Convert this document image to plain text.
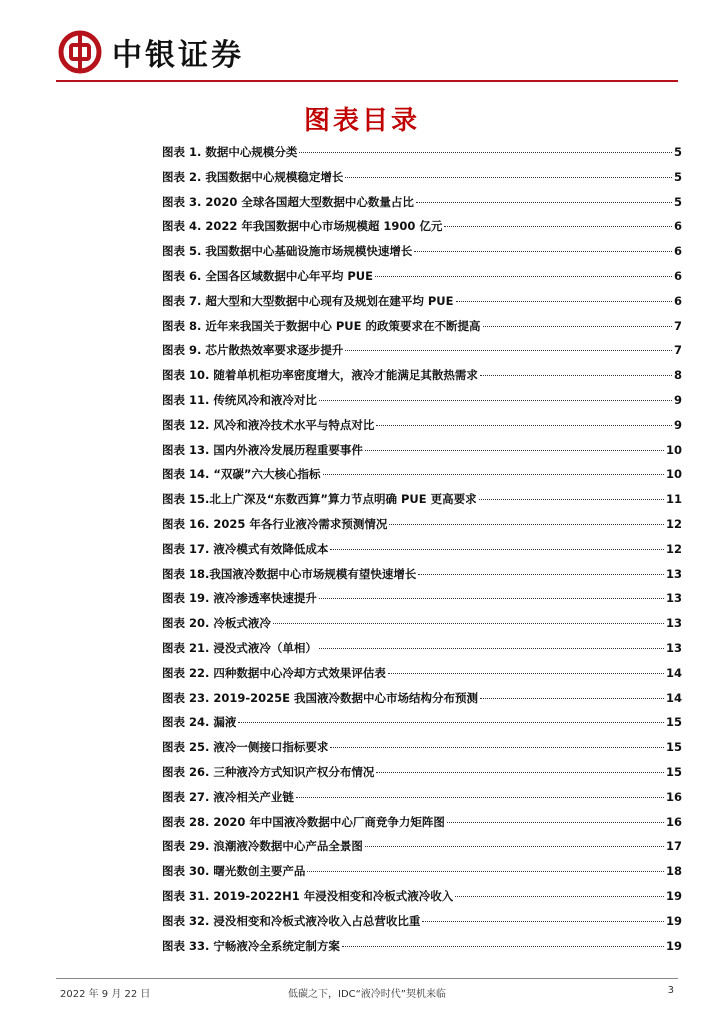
中银证券
图表目录
图表 1. 数据中心规模分类	5
图表 2. 我国数据中心规模稳定增长	5
图表 3. 2020 全球各国超大型数据中心数量占比	5
图表 4. 2022 年我国数据中心市场规模超 1900 亿元	6
图表 5. 我国数据中心基础设施市场规模快速增长	6
图表 6. 全国各区域数据中心年平均 PUE	6
图表 7. 超大型和大型数据中心现有及规划在建平均 PUE	6
图表 8. 近年来我国关于数据中心 PUE 的政策要求在不断提高	7
图表 9. 芯片散热效率要求逐步提升	7
图表 10. 随着单机柜功率密度增大，液冷才能满足其散热需求	8
图表 11. 传统风冷和液冷对比	9
图表 12. 风冷和液冷技术水平与特点对比	9
图表 13. 国内外液冷发展历程重要事件	10
图表 14. “双碳”六大核心指标	10
图表 15.北上广深及“东数西算”算力节点明确 PUE 更高要求	11
图表 16. 2025 年各行业液冷需求预测情况	12
图表 17. 液冷模式有效降低成本	12
图表 18.我国液冷数据中心市场规模有望快速增长	13
图表 19. 液冷渗透率快速提升	13
图表 20. 冷板式液冷	13
图表 21. 浸没式液冷（单相）	13
图表 22. 四种数据中心冷却方式效果评估表	14
图表 23. 2019-2025E 我国液冷数据中心市场结构分布预测	14
图表 24. 漏液	15
图表 25. 液冷一侧接口指标要求	15
图表 26. 三种液冷方式知识产权分布情况	15
图表 27. 液冷相关产业链	16
图表 28. 2020 年中国液冷数据中心厂商竞争力矩阵图	16
图表 29. 浪潮液冷数据中心产品全景图	17
图表 30. 曙光数创主要产品	18
图表 31. 2019-2022H1 年浸没相变和冷板式液冷收入	19
图表 32. 浸没相变和冷板式液冷收入占总营收比重	19
图表 33. 宁畅液冷全系统定制方案	19
2022 年 9 月 22 日	低碳之下，IDC“液冷时代”契机来临	3
